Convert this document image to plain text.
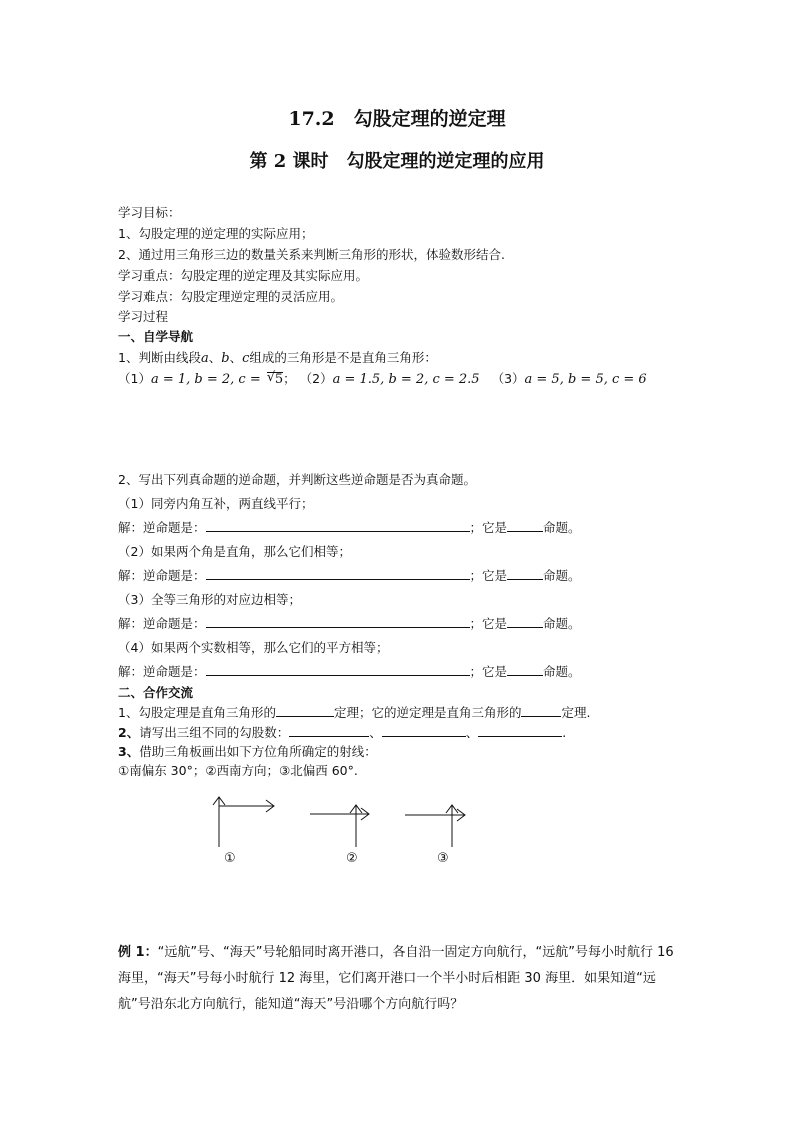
17.2　勾股定理的逆定理
第 2 课时　勾股定理的逆定理的应用
学习目标：
1、勾股定理的逆定理的实际应用；
2、通过用三角形三边的数量关系来判断三角形的形状，体验数形结合.
学习重点：勾股定理的逆定理及其实际应用。
学习难点：勾股定理逆定理的灵活应用。
学习过程
一、自学导航
1、判断由线段a、b、c组成的三角形是不是直角三角形：
（1）a = 1, b = 2, c = √ 5； （2）a = 1.5, b = 2, c = 2.5 （3）a = 5, b = 5, c = 6
2、写出下列真命题的逆命题，并判断这些逆命题是否为真命题。
（1）同旁内角互补，两直线平行；
解：逆命题是：	；它是	命题。
（2）如果两个角是直角，那么它们相等；
解：逆命题是：	；它是	命题。
（3）全等三角形的对应边相等；
解：逆命题是：	；它是	命题。
（4）如果两个实数相等，那么它们的平方相等；
解：逆命题是：	；它是	命题。
二、合作交流
1、勾股定理是直角三角形的	定理；它的逆定理是直角三角形的	定理.
2、请写出三组不同的勾股数：	、	、	.
3、借助三角板画出如下方位角所确定的射线：
①南偏东 30°；②西南方向；③北偏西 60°.
①	②	③
例 1：“远航”号、“海天”号轮船同时离开港口，各自沿一固定方向航行，“远航”号每小时航行 16 海里，“海天”号每小时航行 12 海里，它们离开港口一个半小时后相距 30 海里．如果知道“远航”号沿东北方向航行，能知道“海天”号沿哪个方向航行吗？
